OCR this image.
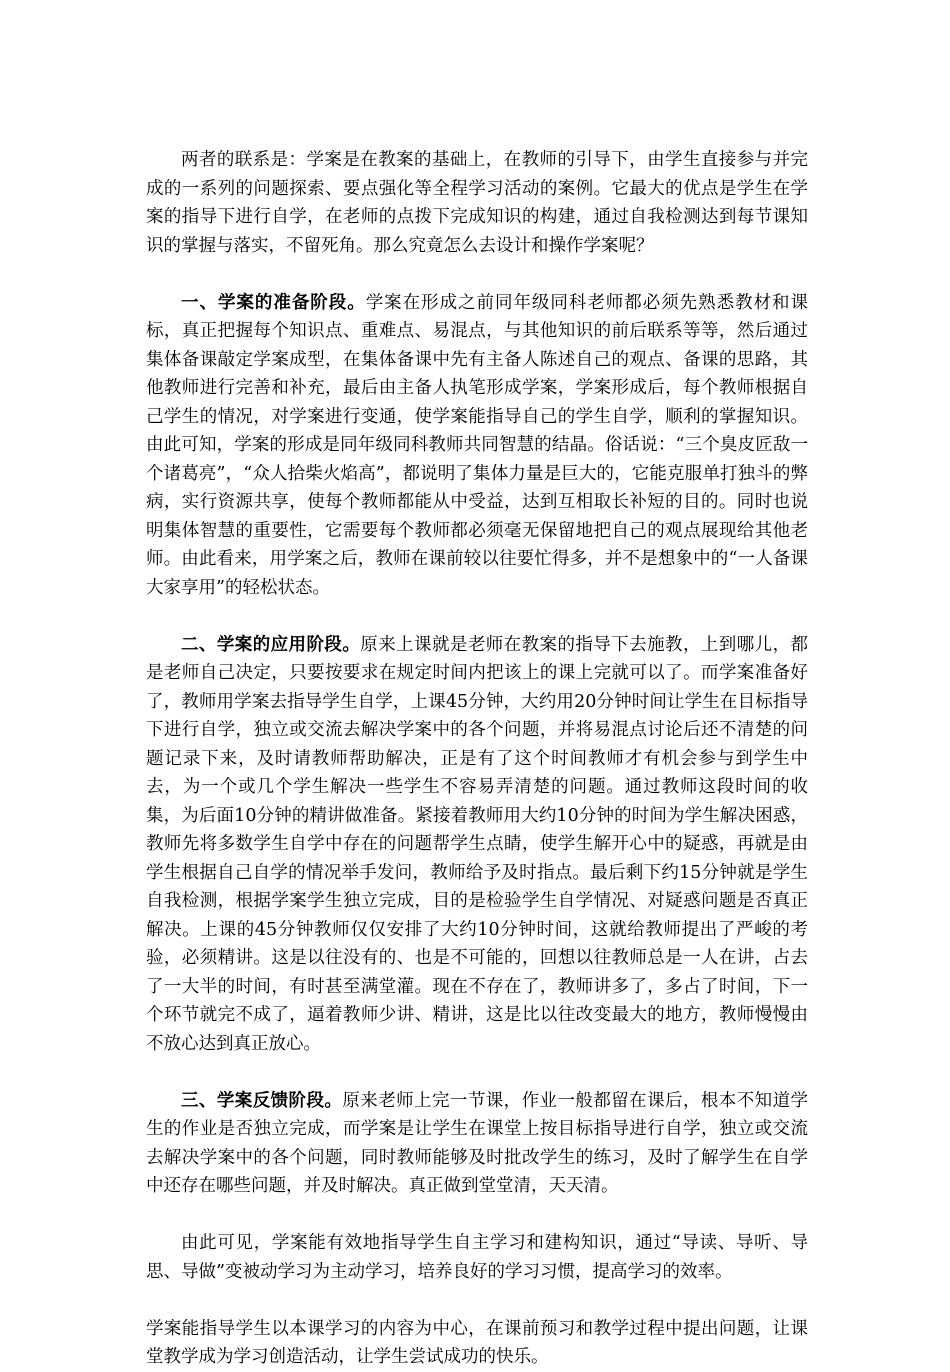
两者的联系是：学案是在教案的基础上，在教师的引导下，由学生直接参与并完成的一系列的问题探索、要点强化等全程学习活动的案例。它最大的优点是学生在学案的指导下进行自学，在老师的点拨下完成知识的构建，通过自我检测达到每节课知识的掌握与落实，不留死角。那么究竟怎么去设计和操作学案呢？

一、学案的准备阶段。学案在形成之前同年级同科老师都必须先熟悉教材和课标，真正把握每个知识点、重难点、易混点，与其他知识的前后联系等等，然后通过集体备课敲定学案成型，在集体备课中先有主备人陈述自己的观点、备课的思路，其他教师进行完善和补充，最后由主备人执笔形成学案，学案形成后，每个教师根据自己学生的情况，对学案进行变通，使学案能指导自己的学生自学，顺利的掌握知识。由此可知，学案的形成是同年级同科教师共同智慧的结晶。俗话说：“三个臭皮匠敌一个诸葛亮”，“众人拾柴火焰高”，都说明了集体力量是巨大的，它能克服单打独斗的弊病，实行资源共享，使每个教师都能从中受益，达到互相取长补短的目的。同时也说明集体智慧的重要性，它需要每个教师都必须毫无保留地把自己的观点展现给其他老师。由此看来，用学案之后，教师在课前较以往要忙得多，并不是想象中的“一人备课大家享用”的轻松状态。

二、学案的应用阶段。原来上课就是老师在教案的指导下去施教，上到哪儿，都是老师自己决定，只要按要求在规定时间内把该上的课上完就可以了。而学案准备好了，教师用学案去指导学生自学，上课45分钟，大约用20分钟时间让学生在目标指导下进行自学，独立或交流去解决学案中的各个问题，并将易混点讨论后还不清楚的问题记录下来，及时请教师帮助解决，正是有了这个时间教师才有机会参与到学生中去，为一个或几个学生解决一些学生不容易弄清楚的问题。通过教师这段时间的收集，为后面10分钟的精讲做准备。紧接着教师用大约10分钟的时间为学生解决困惑，教师先将多数学生自学中存在的问题帮学生点睛，使学生解开心中的疑惑，再就是由学生根据自己自学的情况举手发问，教师给予及时指点。最后剩下约15分钟就是学生自我检测，根据学案学生独立完成，目的是检验学生自学情况、对疑惑问题是否真正解决。上课的45分钟教师仅仅安排了大约10分钟时间，这就给教师提出了严峻的考验，必须精讲。这是以往没有的、也是不可能的，回想以往教师总是一人在讲，占去了一大半的时间，有时甚至满堂灌。现在不存在了，教师讲多了，多占了时间，下一个环节就完不成了，逼着教师少讲、精讲，这是比以往改变最大的地方，教师慢慢由不放心达到真正放心。

三、学案反馈阶段。原来老师上完一节课，作业一般都留在课后，根本不知道学生的作业是否独立完成，而学案是让学生在课堂上按目标指导进行自学，独立或交流去解决学案中的各个问题，同时教师能够及时批改学生的练习，及时了解学生在自学中还存在哪些问题，并及时解决。真正做到堂堂清，天天清。

由此可见，学案能有效地指导学生自主学习和建构知识，通过“导读、导听、导思、导做”变被动学习为主动学习，培养良好的学习习惯，提高学习的效率。

学案能指导学生以本课学习的内容为中心，在课前预习和教学过程中提出问题，让课堂教学成为学习创造活动，让学生尝试成功的快乐。
